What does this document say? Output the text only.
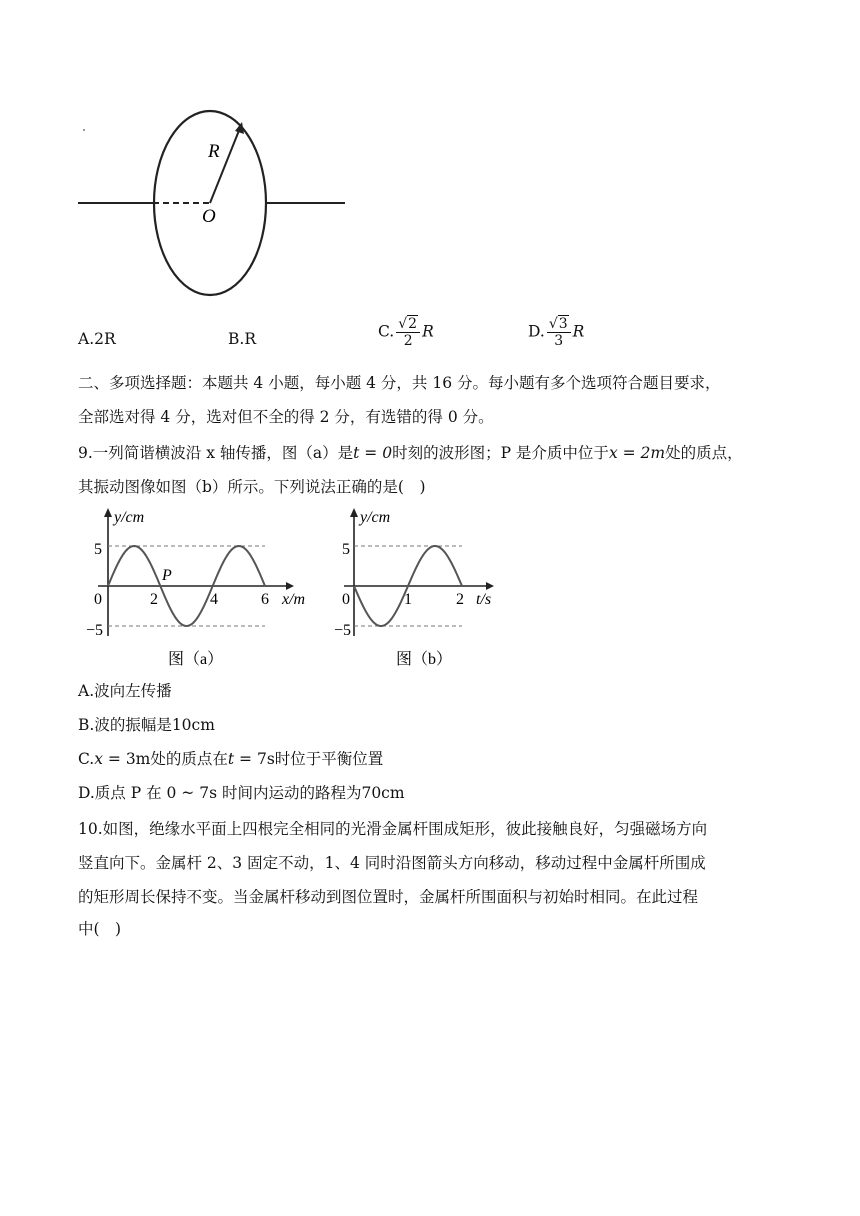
R
O
A.2R	B.R	C. $\frac{√2}{2}$ R	D. $\frac{√3}{3}$ R
二、多项选择题：本题共 4 小题，每小题 4 分，共 16 分。每小题有多个选项符合题目要求，
全部选对得 4 分，选对但不全的得 2 分，有选错的得 0 分。
9.一列简谐横波沿 x 轴传播，图（a）是t = 0时刻的波形图；P 是介质中位于x = 2m处的质点，
其振动图像如图（b）所示。下列说法正确的是(　)
y/cm
x/m
P
0	2	4	6
5
−5
图（a）
y/cm
t/s
0	1	2
5
−5
图（b）
A.波向左传播
B.波的振幅是10cm
C.x = 3m处的质点在t = 7s时位于平衡位置
D.质点 P 在 0 ~ 7s 时间内运动的路程为70cm
10.如图，绝缘水平面上四根完全相同的光滑金属杆围成矩形，彼此接触良好，匀强磁场方向
竖直向下。金属杆 2、3 固定不动，1、4 同时沿图箭头方向移动，移动过程中金属杆所围成
的矩形周长保持不变。当金属杆移动到图位置时，金属杆所围面积与初始时相同。在此过程
中(　)
